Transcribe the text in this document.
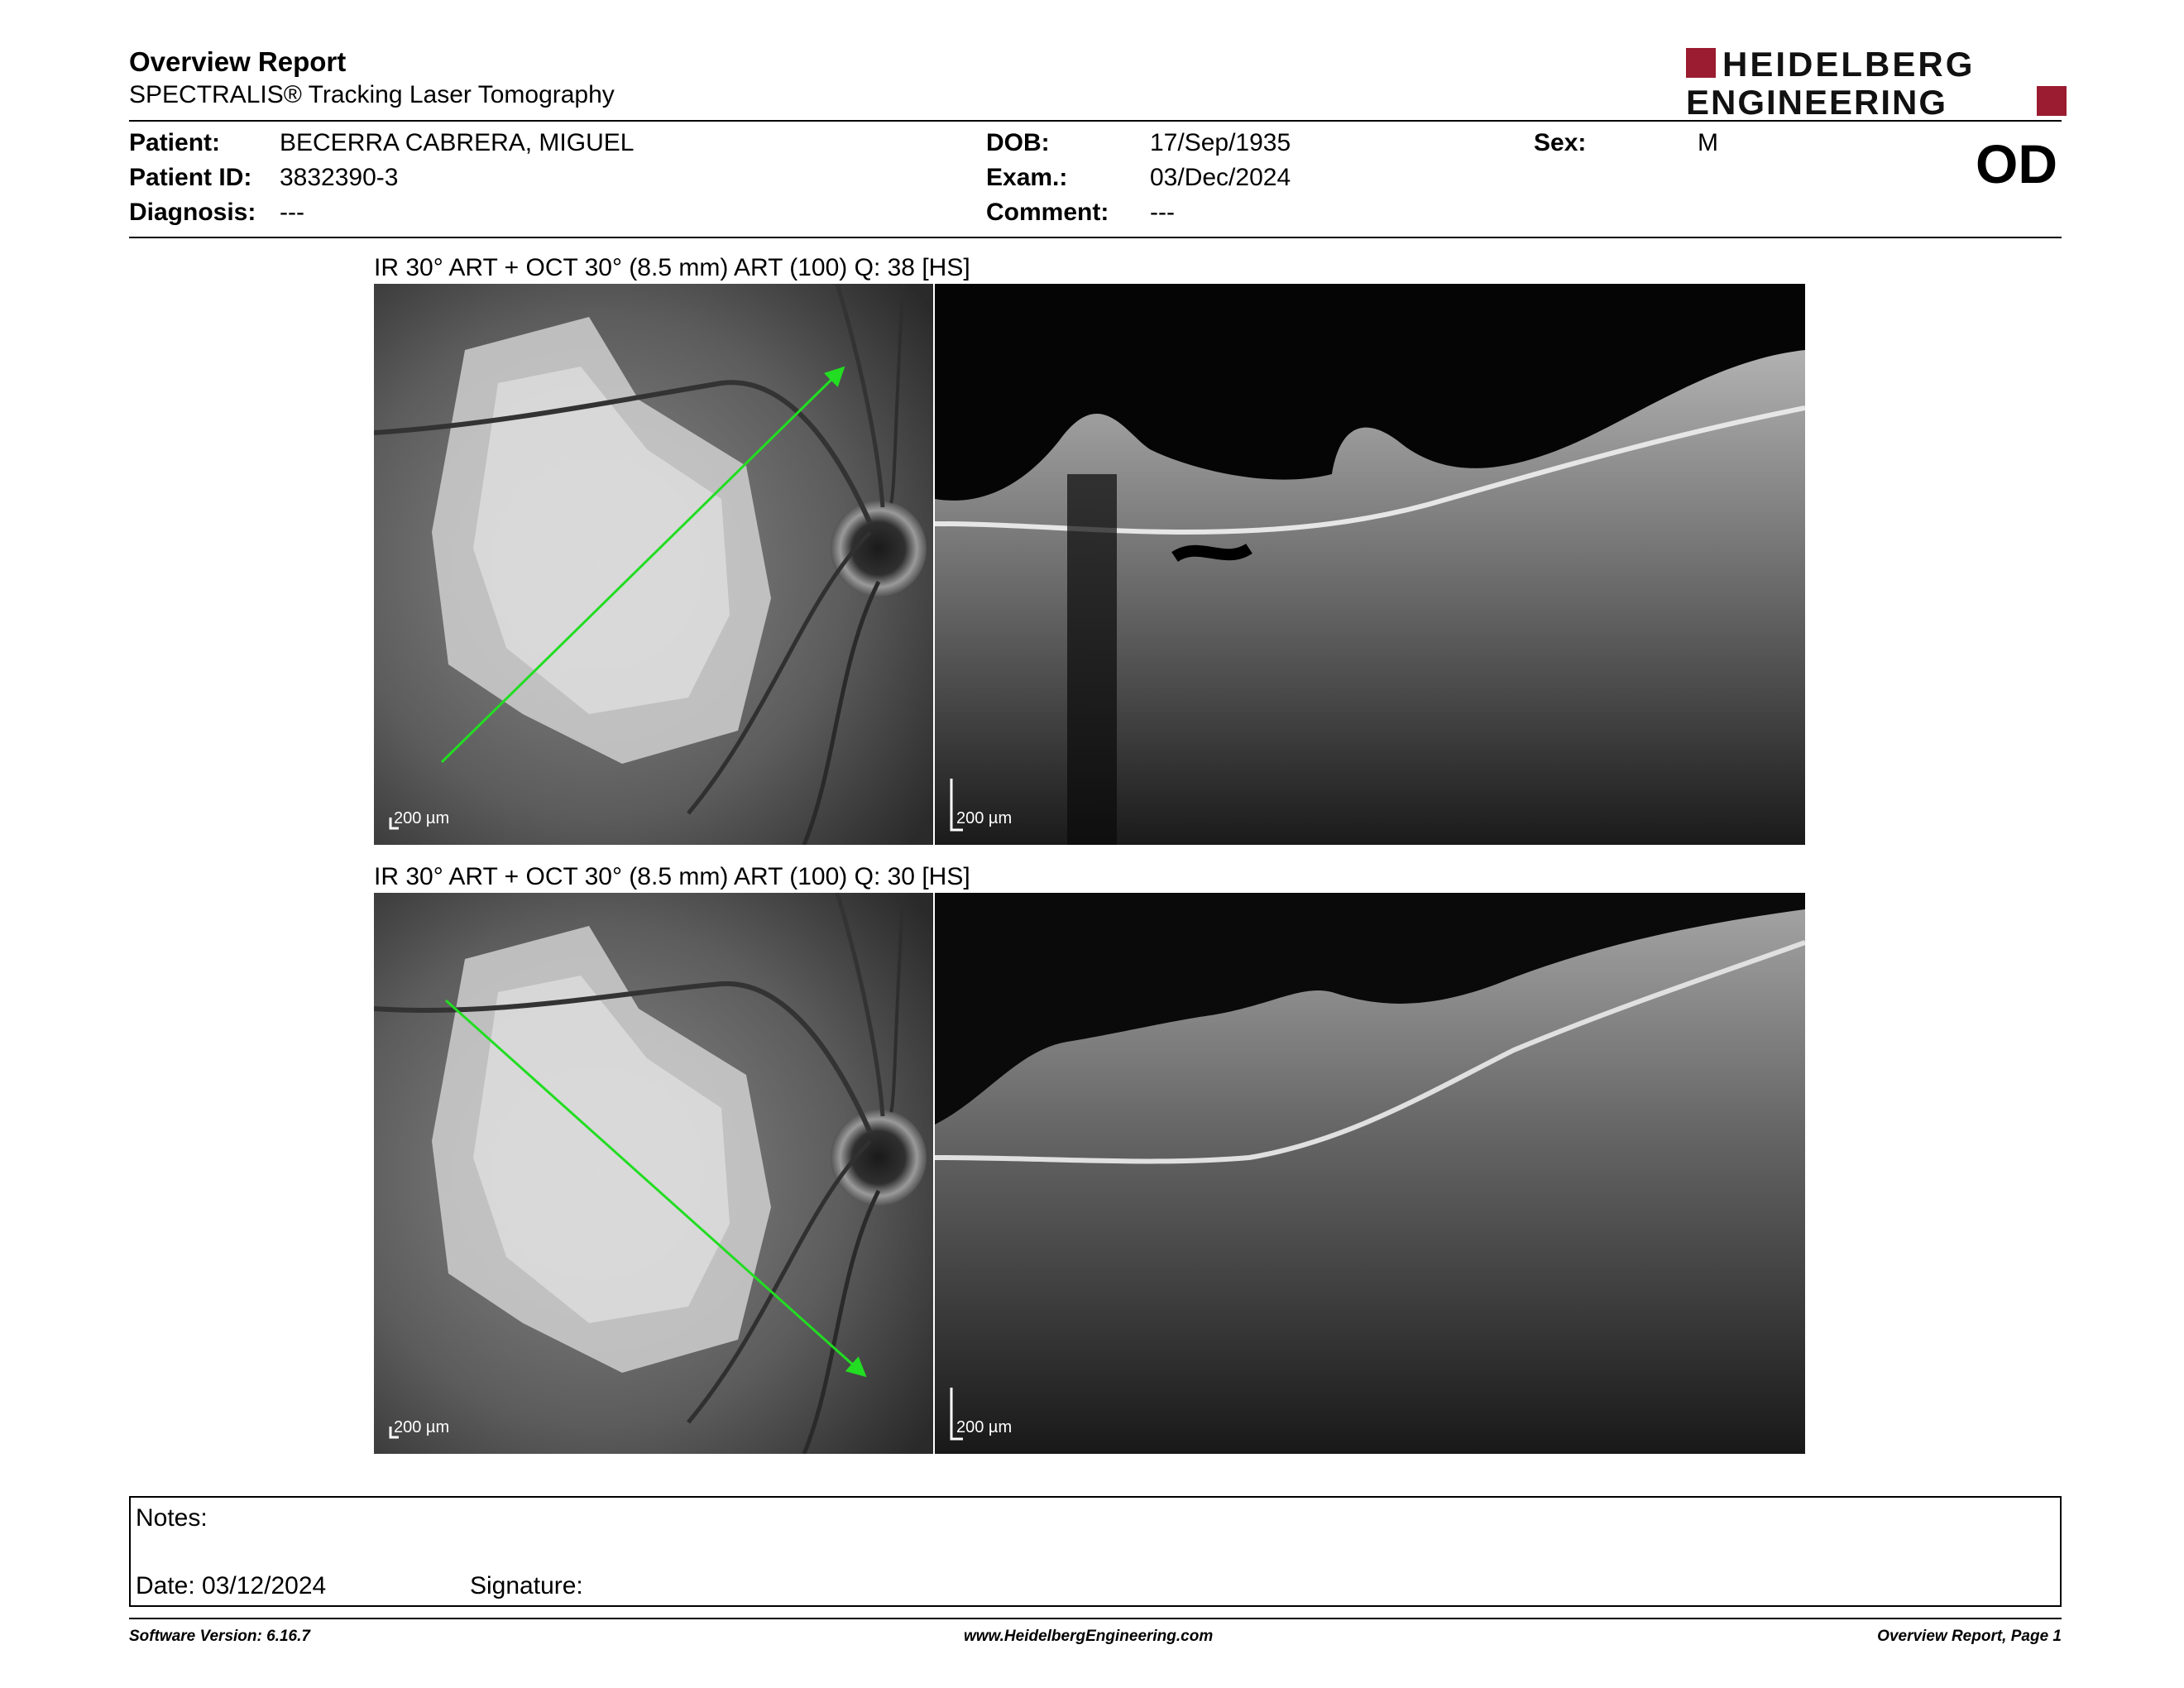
Overview Report
SPECTRALIS® Tracking Laser Tomography
HEIDELBERG
ENGINEERING
Patient: BECERRA CABRERA, MIGUEL
Patient ID: 3832390-3
Diagnosis: ---
DOB:	17/Sep/1935
Exam.:	03/Dec/2024
Comment: ---
Sex:	M	OD
IR 30° ART + OCT 30° (8.5 mm) ART (100) Q: 38 [HS]
200 µm	200 µm
IR 30° ART + OCT 30° (8.5 mm) ART (100) Q: 30 [HS]
200 µm	200 µm
Notes:
Date: 03/12/2024	Signature:
Software Version: 6.16.7	www.HeidelbergEngineering.com	Overview Report, Page 1
